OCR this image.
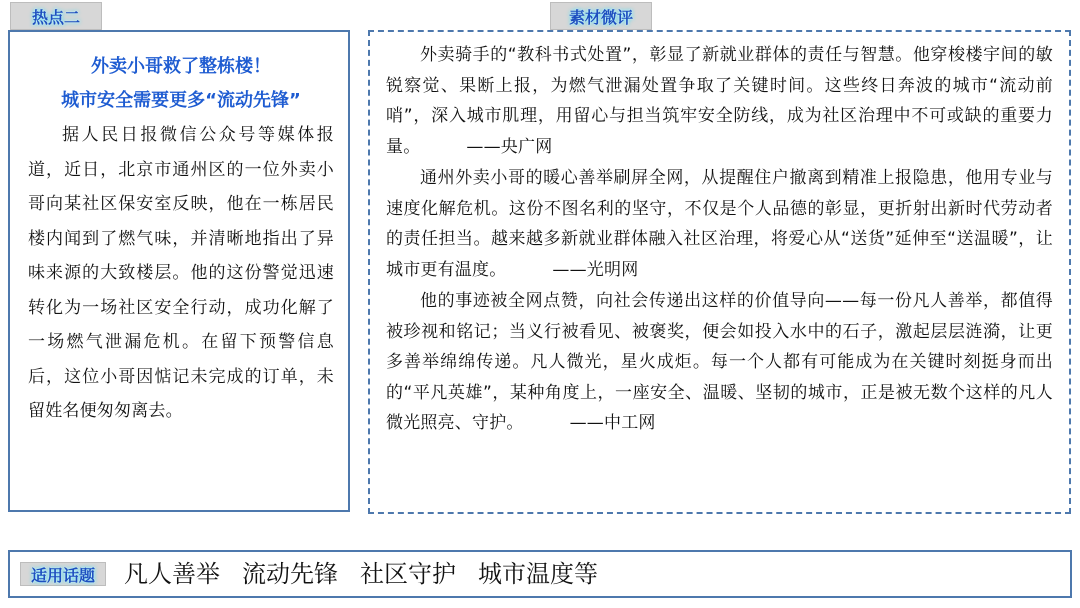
热点二	素材微评
外卖小哥救了整栋楼！
城市安全需要更多“流动先锋”

据人民日报微信公众号等媒体报道，近日，北京市通州区的一位外卖小哥向某社区保安室反映，他在一栋居民楼内闻到了燃气味，并清晰地指出了异味来源的大致楼层。他的这份警觉迅速转化为一场社区安全行动，成功化解了一场燃气泄漏危机。在留下预警信息后，这位小哥因惦记未完成的订单，未留姓名便匆匆离去。

外卖骑手的“教科书式处置”，彰显了新就业群体的责任与智慧。他穿梭楼宇间的敏锐察觉、果断上报，为燃气泄漏处置争取了关键时间。这些终日奔波的城市“流动前哨”，深入城市肌理，用留心与担当筑牢安全防线，成为社区治理中不可或缺的重要力量。	——央广网

通州外卖小哥的暖心善举刷屏全网，从提醒住户撤离到精准上报隐患，他用专业与速度化解危机。这份不图名利的坚守，不仅是个人品德的彰显，更折射出新时代劳动者的责任担当。越来越多新就业群体融入社区治理，将爱心从“送货”延伸至“送温暖”，让城市更有温度。	——光明网

他的事迹被全网点赞，向社会传递出这样的价值导向——每一份凡人善举，都值得被珍视和铭记；当义行被看见、被褒奖，便会如投入水中的石子，激起层层涟漪，让更多善举绵绵传递。凡人微光，星火成炬。每一个人都有可能成为在关键时刻挺身而出的“平凡英雄”，某种角度上，一座安全、温暖、坚韧的城市，正是被无数个这样的凡人微光照亮、守护。	——中工网

适用话题 凡人善举 流动先锋 社区守护 城市温度等
